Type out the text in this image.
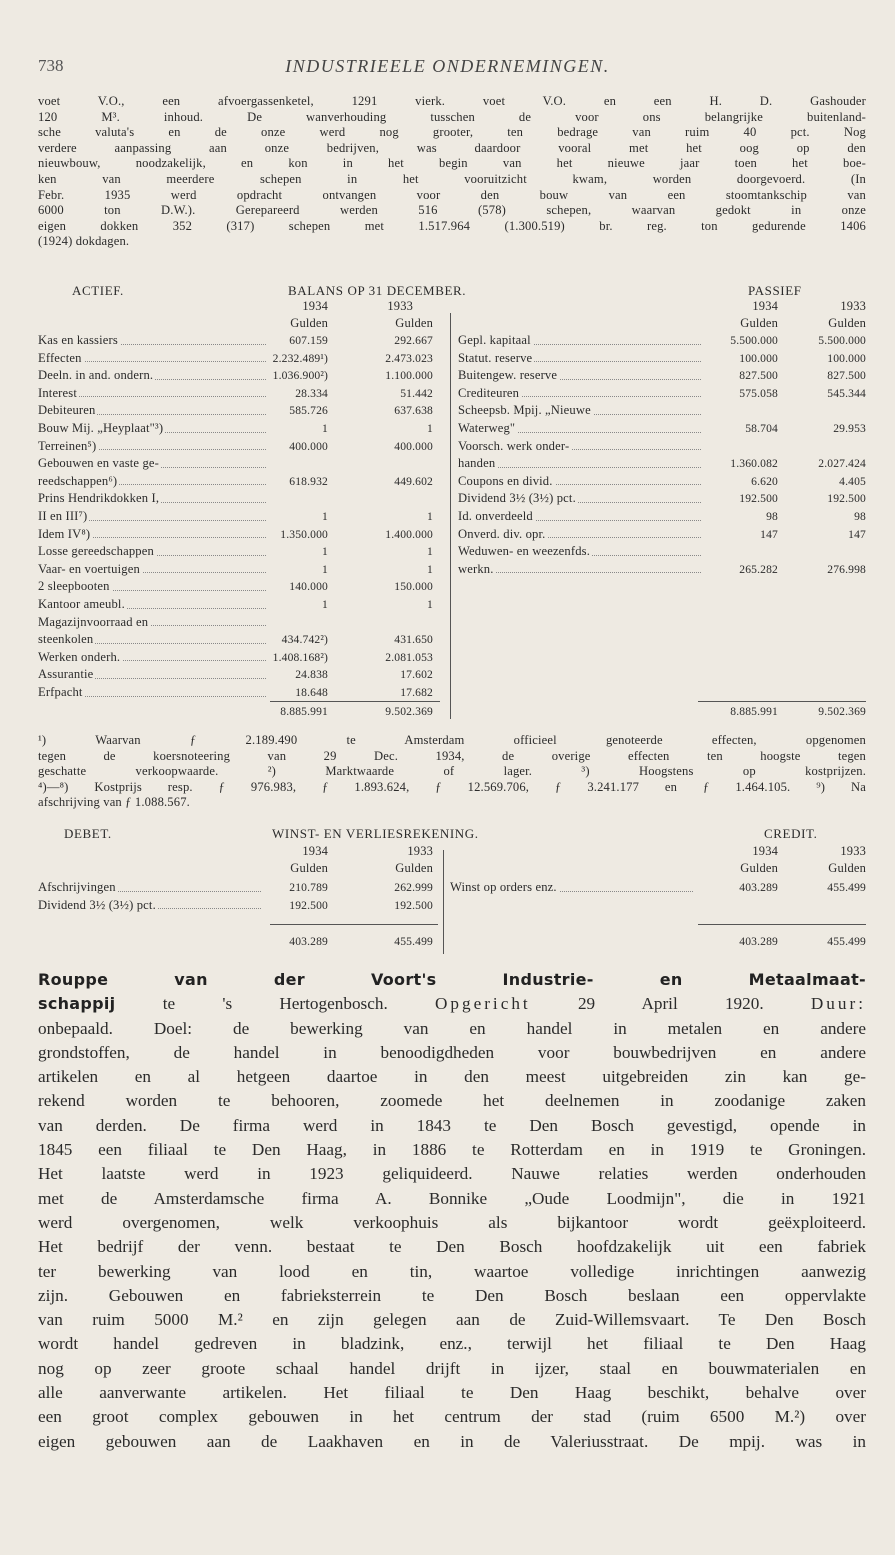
738	INDUSTRIEELE ONDERNEMINGEN.
voet V.O., een afvoergassenketel, 1291 vierk. voet V.O. en een H. D. Gashouder
120 M³. inhoud. De wanverhouding tusschen de voor ons belangrijke buitenland-
sche valuta's en de onze werd nog grooter, ten bedrage van ruim 40 pct. Nog
verdere aanpassing aan onze bedrijven, was daardoor vooral met het oog op den
nieuwbouw, noodzakelijk, en kon in het begin van het nieuwe jaar toen het boe-
ken van meerdere schepen in het vooruitzicht kwam, worden doorgevoerd. (In
Febr. 1935 werd opdracht ontvangen voor den bouw van een stoomtankschip van
6000 ton D.W.). Gerepareerd werden 516 (578) schepen, waarvan gedokt in onze
eigen dokken 352 (317) schepen met 1.517.964 (1.300.519) br. reg. ton gedurende 1406
(1924) dokdagen.
ACTIEF.	BALANS OP 31 DECEMBER.	PASSIEF
1934	1933	1934	1933
Gulden	Gulden	Gulden	Gulden
Kas en kassiers	607.159	292.667
Effecten	2.232.489¹)	2.473.023
Deeln. in and. ondern.	1.036.900²)	1.100.000
Interest	28.334	51.442
Debiteuren	585.726	637.638
Bouw Mij. „Heyplaat"³)	1	1
Terreinen⁵)	400.000	400.000
Gebouwen en vaste ge-
reedschappen⁶)	618.932	449.602
Prins Hendrikdokken I,
II en III⁷)	1	1
Idem IV⁸)	1.350.000	1.400.000
Losse gereedschappen	1	1
Vaar- en voertuigen	1	1
2 sleepbooten	140.000	150.000
Kantoor ameubl.	1	1
Magazijnvoorraad en
steenkolen	434.742²)	431.650
Werken onderh.	1.408.168²)	2.081.053
Assurantie	24.838	17.602
Erfpacht	18.648	17.682
Gepl. kapitaal	5.500.000	5.500.000
Statut. reserve	100.000	100.000
Buitengew. reserve	827.500	827.500
Crediteuren	575.058	545.344
Scheepsb. Mpij. „Nieuwe
Waterweg"	58.704	29.953
Voorsch. werk onder-
handen	1.360.082	2.027.424
Coupons en divid.	6.620	4.405
Dividend 3½ (3½) pct.	192.500	192.500
Id. onverdeeld	98	98
Onverd. div. opr.	147	147
Weduwen- en weezenfds.
werkn.	265.282	276.998
8.885.991	9.502.369	8.885.991	9.502.369
¹) Waarvan ƒ 2.189.490 te Amsterdam officieel genoteerde effecten, opgenomen
tegen de koersnoteering van 29 Dec. 1934, de overige effecten ten hoogste tegen
geschatte verkoopwaarde. ²) Marktwaarde of lager. ³) Hoogstens op kostprijzen.
⁴)—⁸) Kostprijs resp. ƒ 976.983, ƒ 1.893.624, ƒ 12.569.706, ƒ 3.241.177 en ƒ 1.464.105. ⁹) Na
afschrijving van ƒ 1.088.567.
DEBET.	WINST- EN VERLIESREKENING.	CREDIT.
1934	1933	1934	1933
Gulden	Gulden	Gulden	Gulden
Afschrijvingen	210.789	262.999
Dividend 3½ (3½) pct.	192.500	192.500
Winst op orders enz.	403.289	455.499
403.289	455.499	403.289	455.499
Rouppe van der Voort's Industrie- en Metaalmaat-
schappij te 's Hertogenbosch. Opgericht 29 April 1920. Duur:
onbepaald. Doel: de bewerking van en handel in metalen en andere
grondstoffen, de handel in benoodigdheden voor bouwbedrijven en andere
artikelen en al hetgeen daartoe in den meest uitgebreiden zin kan ge-
rekend worden te behooren, zoomede het deelnemen in zoodanige zaken
van derden. De firma werd in 1843 te Den Bosch gevestigd, opende in
1845 een filiaal te Den Haag, in 1886 te Rotterdam en in 1919 te Groningen.
Het laatste werd in 1923 geliquideerd. Nauwe relaties werden onderhouden
met de Amsterdamsche firma A. Bonnike „Oude Loodmijn", die in 1921
werd overgenomen, welk verkoophuis als bijkantoor wordt geëxploiteerd.
Het bedrijf der venn. bestaat te Den Bosch hoofdzakelijk uit een fabriek
ter bewerking van lood en tin, waartoe volledige inrichtingen aanwezig
zijn. Gebouwen en fabrieksterrein te Den Bosch beslaan een oppervlakte
van ruim 5000 M.² en zijn gelegen aan de Zuid-Willemsvaart. Te Den Bosch
wordt handel gedreven in bladzink, enz., terwijl het filiaal te Den Haag
nog op zeer groote schaal handel drijft in ijzer, staal en bouwmaterialen en
alle aanverwante artikelen. Het filiaal te Den Haag beschikt, behalve over
een groot complex gebouwen in het centrum der stad (ruim 6500 M.²) over
eigen gebouwen aan de Laakhaven en in de Valeriusstraat. De mpij. was in
